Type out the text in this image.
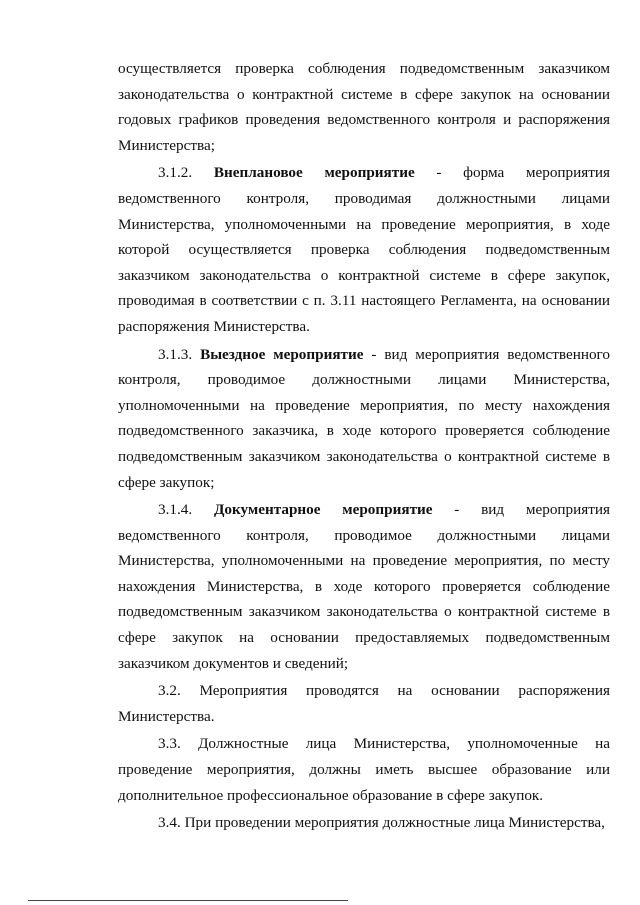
осуществляется проверка соблюдения подведомственным заказчиком законодательства о контрактной системе в сфере закупок на основании годовых графиков проведения ведомственного контроля и распоряжения Министерства;

3.1.2. Внеплановое мероприятие - форма мероприятия ведомственного контроля, проводимая должностными лицами Министерства, уполномоченными на проведение мероприятия, в ходе которой осуществляется проверка соблюдения подведомственным заказчиком законодательства о контрактной системе в сфере закупок, проводимая в соответствии с п. 3.11 настоящего Регламента, на основании распоряжения Министерства.

3.1.3. Выездное мероприятие - вид мероприятия ведомственного контроля, проводимое должностными лицами Министерства, уполномоченными на проведение мероприятия, по месту нахождения подведомственного заказчика, в ходе которого проверяется соблюдение подведомственным заказчиком законодательства о контрактной системе в сфере закупок;

3.1.4. Документарное мероприятие - вид мероприятия ведомственного контроля, проводимое должностными лицами Министерства, уполномоченными на проведение мероприятия, по месту нахождения Министерства, в ходе которого проверяется соблюдение подведомственным заказчиком законодательства о контрактной системе в сфере закупок на основании предоставляемых подведомственным заказчиком документов и сведений;

3.2. Мероприятия проводятся на основании распоряжения Министерства.

3.3. Должностные лица Министерства, уполномоченные на проведение мероприятия, должны иметь высшее образование или дополнительное профессиональное образование в сфере закупок.

3.4. При проведении мероприятия должностные лица Министерства,
